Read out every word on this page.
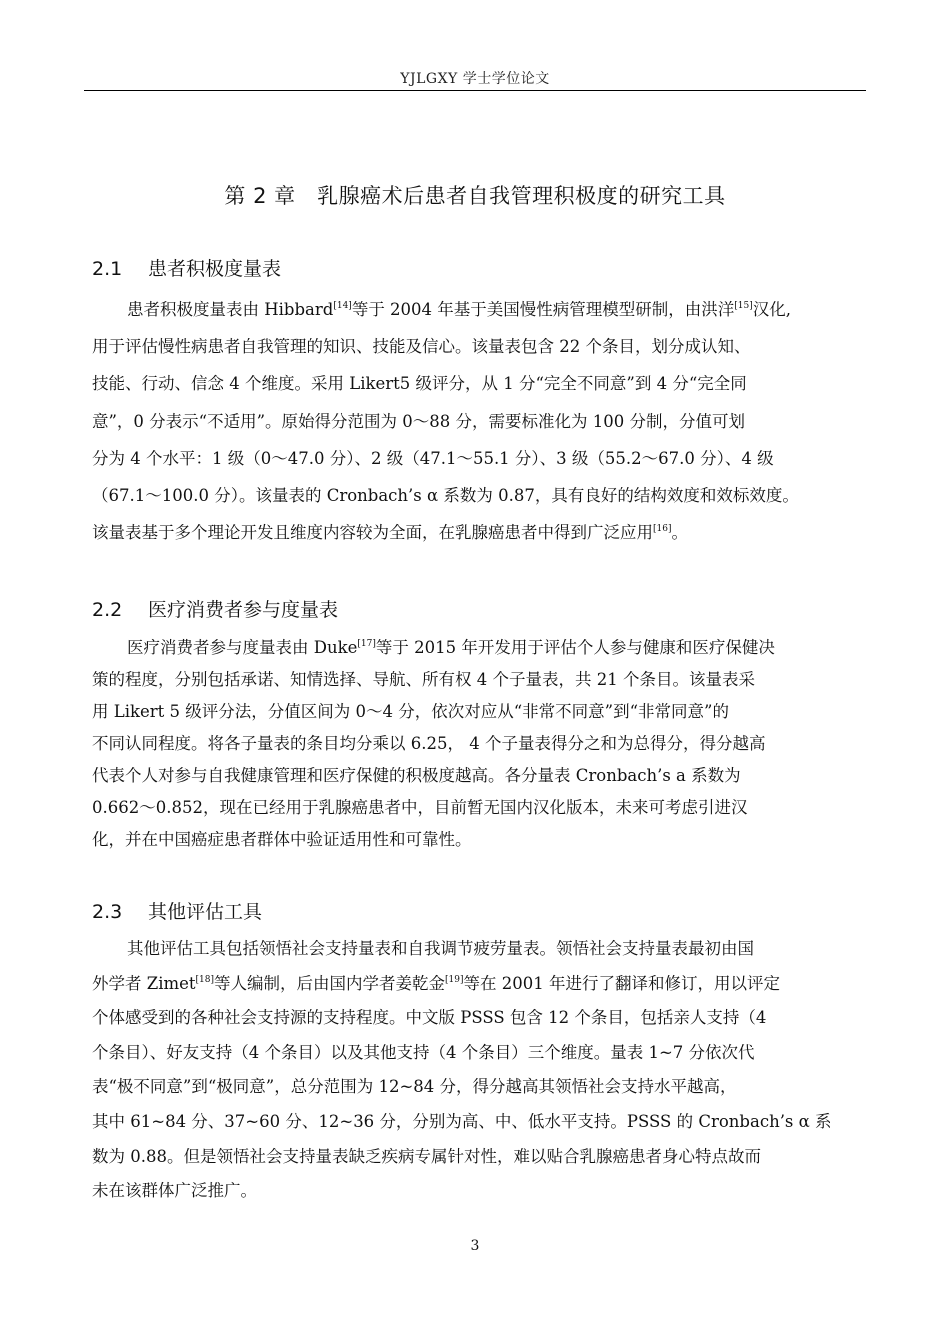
YJLGXY 学士学位论文
第 2 章　乳腺癌术后患者自我管理积极度的研究工具
2.1 患者积极度量表
患者积极度量表由 Hibbard[14]等于 2004 年基于美国慢性病管理模型研制，由洪洋[15]汉化,
用于评估慢性病患者自我管理的知识、技能及信心。该量表包含 22 个条目，划分成认知、
技能、行动、信念 4 个维度。采用 Likert5 级评分，从 1 分“完全不同意”到 4 分“完全同
意”，0 分表示“不适用”。原始得分范围为 0～88 分，需要标准化为 100 分制，分值可划
分为 4 个水平：1 级（0～47.0 分）、2 级（47.1～55.1 分）、3 级（55.2～67.0 分）、4 级
（67.1～100.0 分）。该量表的 Cronbach’s α 系数为 0.87，具有良好的结构效度和效标效度。
该量表基于多个理论开发且维度内容较为全面，在乳腺癌患者中得到广泛应用[16]。
2.2 医疗消费者参与度量表
医疗消费者参与度量表由 Duke[17]等于 2015 年开发用于评估个人参与健康和医疗保健决
策的程度，分别包括承诺、知情选择、导航、所有权 4 个子量表，共 21 个条目。该量表采
用 Likert 5 级评分法，分值区间为 0～4 分，依次对应从“非常不同意”到“非常同意”的
不同认同程度。将各子量表的条目均分乘以 6.25， 4 个子量表得分之和为总得分，得分越高
代表个人对参与自我健康管理和医疗保健的积极度越高。各分量表 Cronbach’s a 系数为
0.662～0.852，现在已经用于乳腺癌患者中，目前暂无国内汉化版本，未来可考虑引进汉
化，并在中国癌症患者群体中验证适用性和可靠性。
2.3 其他评估工具
其他评估工具包括领悟社会支持量表和自我调节疲劳量表。领悟社会支持量表最初由国
外学者 Zimet[18]等人编制，后由国内学者姜乾金[19]等在 2001 年进行了翻译和修订，用以评定
个体感受到的各种社会支持源的支持程度。中文版 PSSS 包含 12 个条目，包括亲人支持（4
个条目）、好友支持（4 个条目）以及其他支持（4 个条目）三个维度。量表 1~7 分依次代
表“极不同意”到“极同意”，总分范围为 12~84 分，得分越高其领悟社会支持水平越高，
其中 61~84 分、37~60 分、12~36 分，分别为高、中、低水平支持。PSSS 的 Cronbach’s α 系
数为 0.88。但是领悟社会支持量表缺乏疾病专属针对性，难以贴合乳腺癌患者身心特点故而
未在该群体广泛推广。
3
